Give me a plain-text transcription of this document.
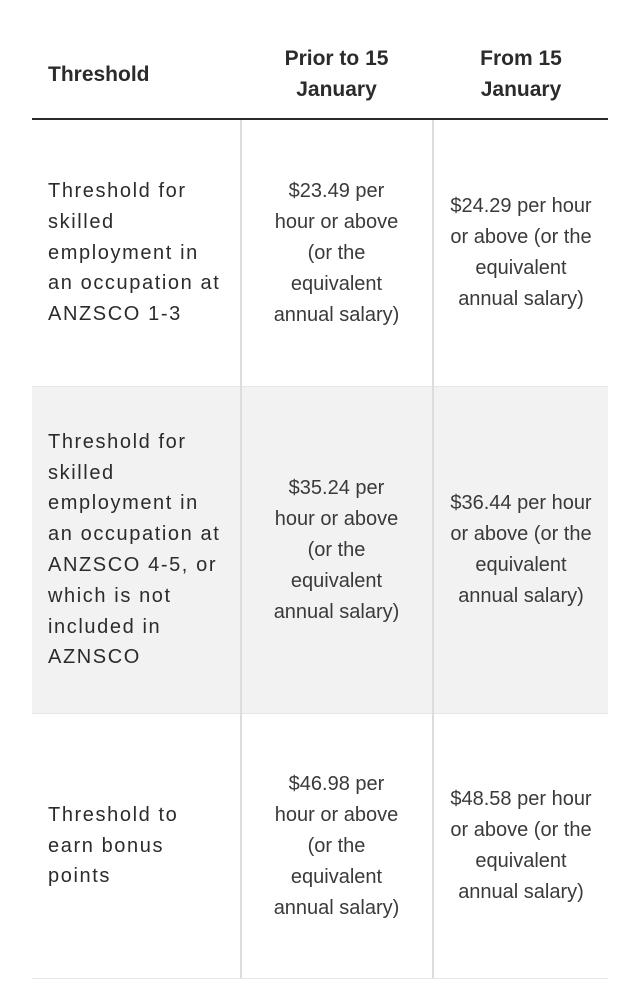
Threshold
Prior to 15 January
From 15 January
Threshold for skilled employment in an occupation at ANZSCO 1-3
$23.49 per hour or above (or the equivalent annual salary)
$24.29 per hour or above (or the equivalent annual salary)
Threshold for skilled employment in an occupation at ANZSCO 4-5, or which is not included in AZNSCO
$35.24 per hour or above (or the equivalent annual salary)
$36.44 per hour or above (or the equivalent annual salary)
Threshold to earn bonus points
$46.98 per hour or above (or the equivalent annual salary)
$48.58 per hour or above (or the equivalent annual salary)
